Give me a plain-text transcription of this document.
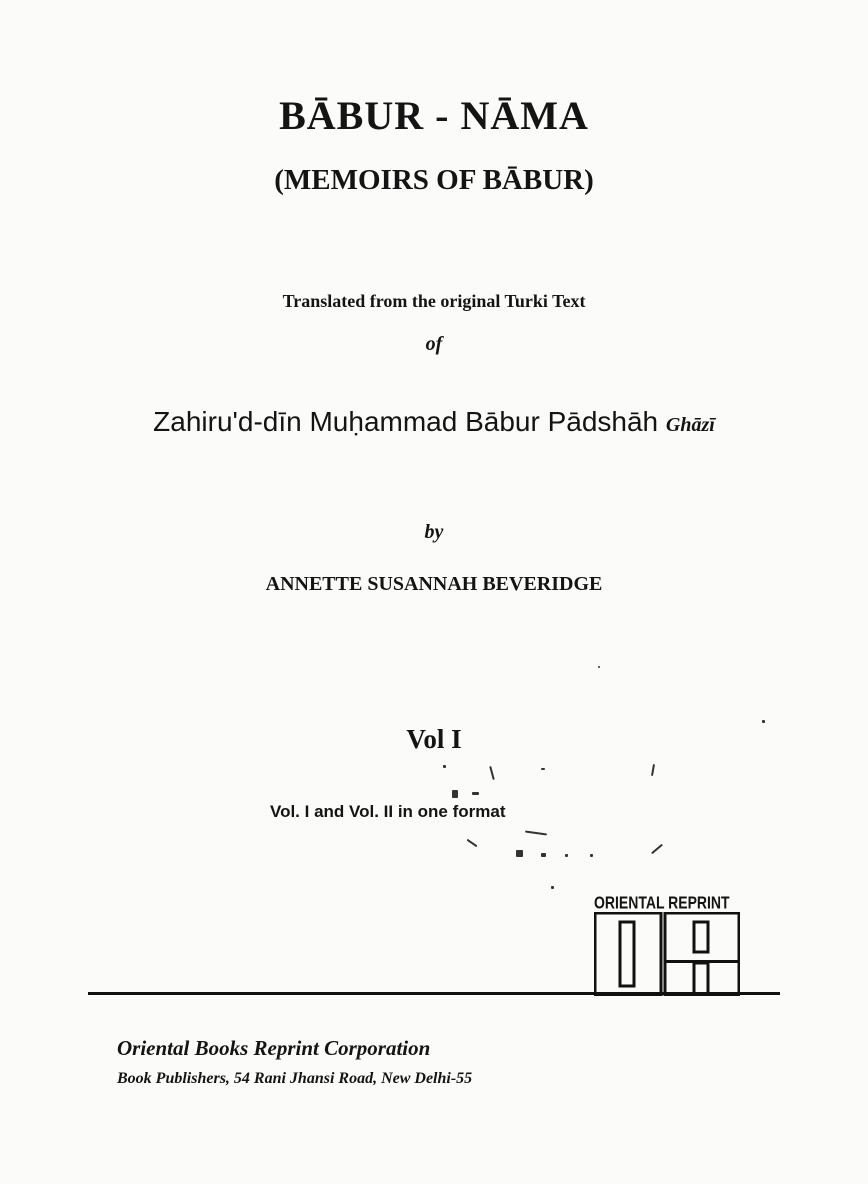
BĀBUR - NĀMA
(MEMOIRS OF BĀBUR)
Translated from the original Turki Text
of
Zahiru'd-dīn Muḥammad Bābur Pādshāh Ghāzī
by
ANNETTE SUSANNAH BEVERIDGE
Vol I
Vol. I and Vol. II in one format
ORIENTAL REPRINT
Oriental Books Reprint Corporation
Book Publishers, 54 Rani Jhansi Road, New Delhi-55
